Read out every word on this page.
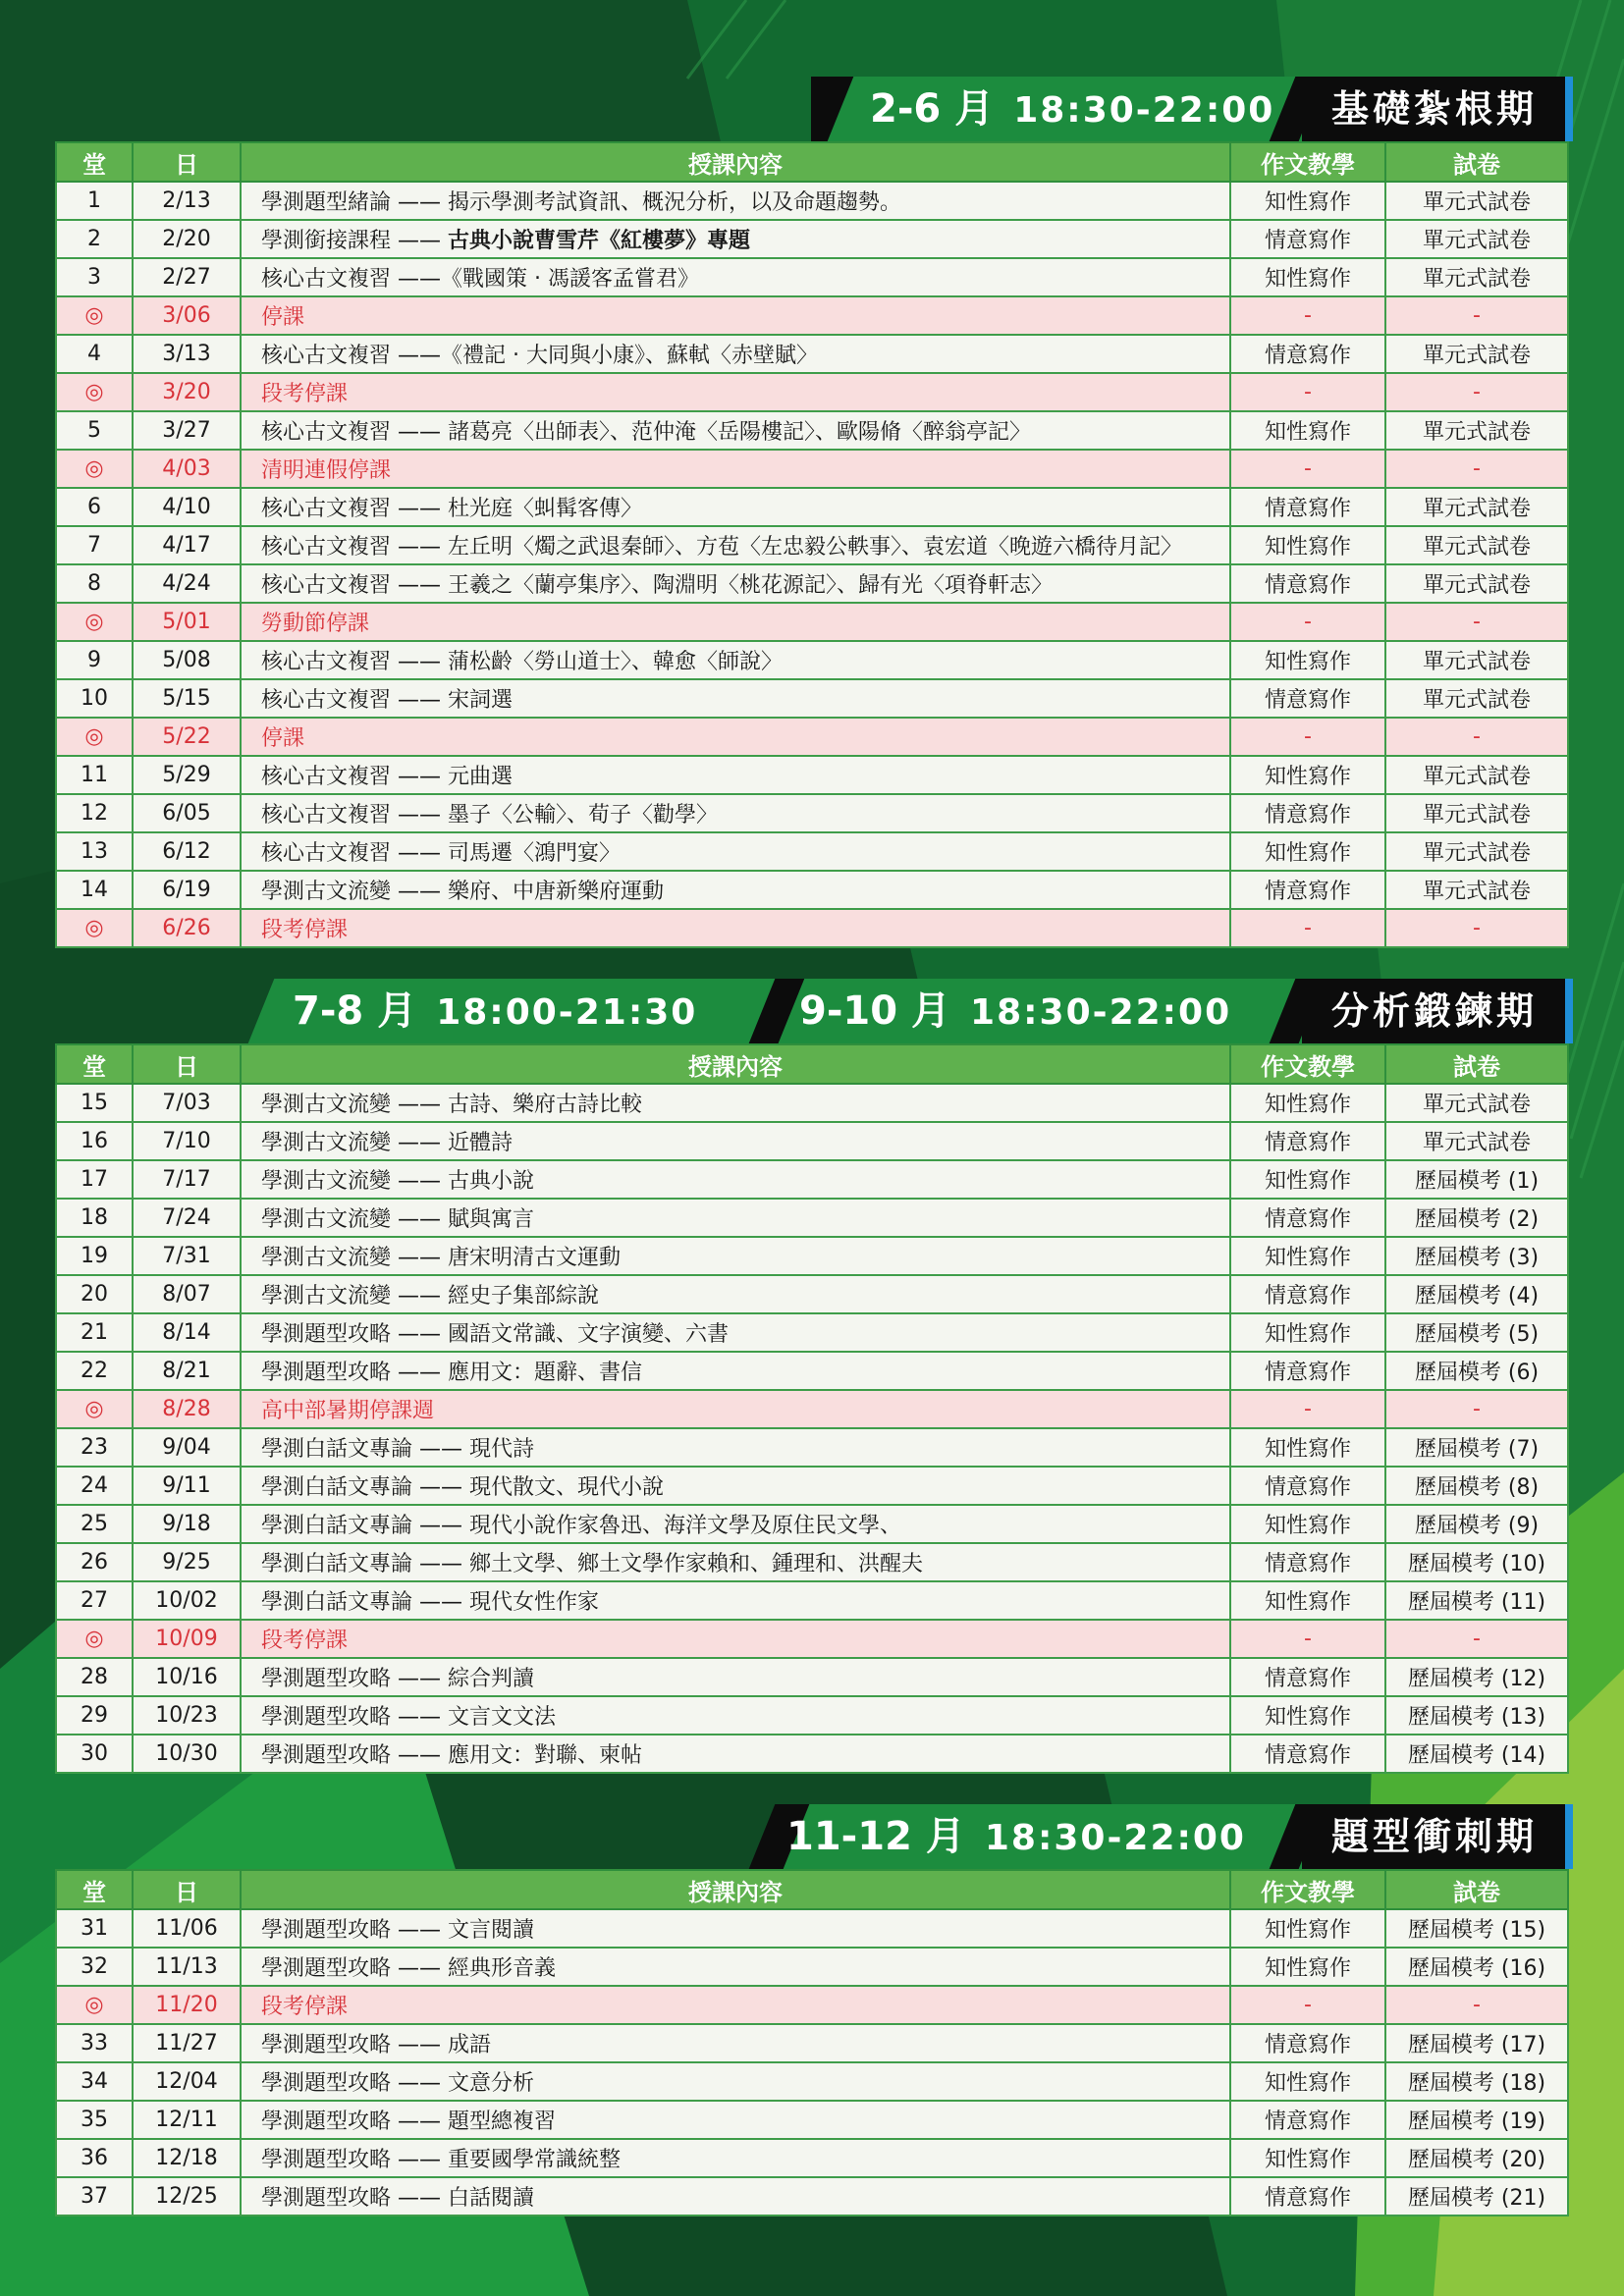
2-6 月 18:30-22:00	基礎紮根期
堂	日	授課內容	作文教學	試卷
1	2/13	學測題型緒論 —— 揭示學測考試資訊、概況分析，以及命題趨勢。	知性寫作	單元式試卷
2	2/20	學測銜接課程 —— 古典小說曹雪芹《紅樓夢》專題	情意寫作	單元式試卷
3	2/27	核心古文複習 ——《戰國策 ‧ 馮諼客孟嘗君》	知性寫作	單元式試卷
◎	3/06	停課	-	-
4	3/13	核心古文複習 ——《禮記 ‧ 大同與小康》、蘇軾〈赤壁賦〉	情意寫作	單元式試卷
◎	3/20	段考停課	-	-
5	3/27	核心古文複習 —— 諸葛亮〈出師表〉、范仲淹〈岳陽樓記〉、歐陽脩〈醉翁亭記〉	知性寫作	單元式試卷
◎	4/03	清明連假停課	-	-
6	4/10	核心古文複習 —— 杜光庭〈虯髯客傳〉	情意寫作	單元式試卷
7	4/17	核心古文複習 —— 左丘明〈燭之武退秦師〉、方苞〈左忠毅公軼事〉、袁宏道〈晚遊六橋待月記〉	知性寫作	單元式試卷
8	4/24	核心古文複習 —— 王羲之〈蘭亭集序〉、陶淵明〈桃花源記〉、歸有光〈項脊軒志〉	情意寫作	單元式試卷
◎	5/01	勞動節停課	-	-
9	5/08	核心古文複習 —— 蒲松齡〈勞山道士〉、韓愈〈師說〉	知性寫作	單元式試卷
10	5/15	核心古文複習 —— 宋詞選	情意寫作	單元式試卷
◎	5/22	停課	-	-
11	5/29	核心古文複習 —— 元曲選	知性寫作	單元式試卷
12	6/05	核心古文複習 —— 墨子〈公輸〉、荀子〈勸學〉	情意寫作	單元式試卷
13	6/12	核心古文複習 —— 司馬遷〈鴻門宴〉	知性寫作	單元式試卷
14	6/19	學測古文流變 —— 樂府、中唐新樂府運動	情意寫作	單元式試卷
◎	6/26	段考停課	-	-
7-8 月 18:00-21:30	9-10 月 18:30-22:00	分析鍛鍊期
堂	日	授課內容	作文教學	試卷
15	7/03	學測古文流變 —— 古詩、樂府古詩比較	知性寫作	單元式試卷
16	7/10	學測古文流變 —— 近體詩	情意寫作	單元式試卷
17	7/17	學測古文流變 —— 古典小說	知性寫作	歷屆模考 (1)
18	7/24	學測古文流變 —— 賦與寓言	情意寫作	歷屆模考 (2)
19	7/31	學測古文流變 —— 唐宋明清古文運動	知性寫作	歷屆模考 (3)
20	8/07	學測古文流變 —— 經史子集部綜說	情意寫作	歷屆模考 (4)
21	8/14	學測題型攻略 —— 國語文常識、文字演變、六書	知性寫作	歷屆模考 (5)
22	8/21	學測題型攻略 —— 應用文：題辭、書信	情意寫作	歷屆模考 (6)
◎	8/28	高中部暑期停課週	-	-
23	9/04	學測白話文專論 —— 現代詩	知性寫作	歷屆模考 (7)
24	9/11	學測白話文專論 —— 現代散文、現代小說	情意寫作	歷屆模考 (8)
25	9/18	學測白話文專論 —— 現代小說作家魯迅、海洋文學及原住民文學、	知性寫作	歷屆模考 (9)
26	9/25	學測白話文專論 —— 鄉土文學、鄉土文學作家賴和、鍾理和、洪醒夫	情意寫作	歷屆模考 (10)
27	10/02	學測白話文專論 —— 現代女性作家	知性寫作	歷屆模考 (11)
◎	10/09	段考停課	-	-
28	10/16	學測題型攻略 —— 綜合判讀	情意寫作	歷屆模考 (12)
29	10/23	學測題型攻略 —— 文言文文法	知性寫作	歷屆模考 (13)
30	10/30	學測題型攻略 —— 應用文：對聯、柬帖	情意寫作	歷屆模考 (14)
11-12 月 18:30-22:00	題型衝刺期
堂	日	授課內容	作文教學	試卷
31	11/06	學測題型攻略 —— 文言閱讀	知性寫作	歷屆模考 (15)
32	11/13	學測題型攻略 —— 經典形音義	知性寫作	歷屆模考 (16)
◎	11/20	段考停課	-	-
33	11/27	學測題型攻略 —— 成語	情意寫作	歷屆模考 (17)
34	12/04	學測題型攻略 —— 文意分析	知性寫作	歷屆模考 (18)
35	12/11	學測題型攻略 —— 題型總複習	情意寫作	歷屆模考 (19)
36	12/18	學測題型攻略 —— 重要國學常識統整	知性寫作	歷屆模考 (20)
37	12/25	學測題型攻略 —— 白話閱讀	情意寫作	歷屆模考 (21)
